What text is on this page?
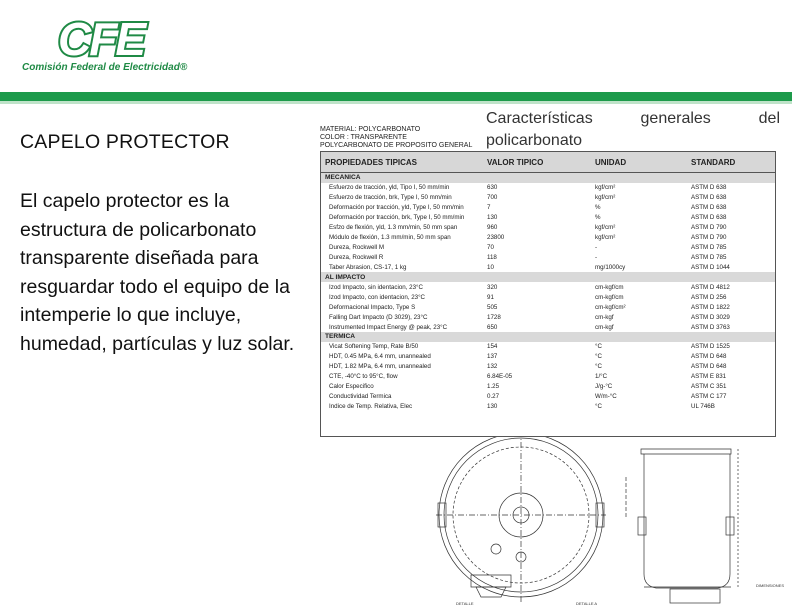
CFE
Comisión Federal de Electricidad®
CAPELO PROTECTOR

El capelo protector es la estructura de policarbonato transparente diseñada para resguardar todo el equipo de la intemperie lo que incluye, humedad, partículas y luz solar.

Características	generales	del
policarbonato
MATERIAL: POLYCARBONATO
COLOR : TRANSPARENTE
POLYCARBONATO DE PROPOSITO GENERAL
PROPIEDADES TIPICAS	VALOR TIPICO	UNIDAD	STANDARD
MECANICA			
Esfuerzo de tracción, yld, Tipo I, 50 mm/min	630	kgf/cm²	ASTM D 638
Esfuerzo de tracción, brk, Type I, 50 mm/min	700	kgf/cm²	ASTM D 638
Deformación por tracción, yld, Type I, 50 mm/min	7	%	ASTM D 638
Deformación por tracción, brk, Type I, 50 mm/min	130	%	ASTM D 638
Esfzo de flexión, yld, 1.3 mm/min, 50 mm span	960	kgf/cm²	ASTM D 790
Módulo de flexión, 1.3 mm/min, 50 mm span	23800	kgf/cm²	ASTM D 790
Dureza, Rockwell M	70	-	ASTM D 785
Dureza, Rockwell R	118	-	ASTM D 785
Taber Abrasion, CS-17, 1 kg	10	mg/1000cy	ASTM D 1044
AL IMPACTO			
Izod Impacto, sin identacion, 23°C	320	cm-kgf/cm	ASTM D 4812
Izod Impacto, con identacion, 23°C	91	cm-kgf/cm	ASTM D 256
Deformacional Impacto, Type S	505	cm-kgf/cm²	ASTM D 1822
Falling Dart Impacto (D 3029), 23°C	1728	cm-kgf	ASTM D 3029
Instrumented Impact Energy @ peak, 23°C	650	cm-kgf	ASTM D 3763
TERMICA			
Vicat Softening Temp, Rate B/50	154	°C	ASTM D 1525
HDT, 0.45 MPa, 6.4 mm, unannealed	137	°C	ASTM D 648
HDT, 1.82 MPa, 6.4 mm, unannealed	132	°C	ASTM D 648
CTE, -40°C to 95°C, flow	6.84E-05	1/°C	ASTM E 831
Calor Especifico	1.25	J/g-°C	ASTM C 351
Conductividad Termica	0.27	W/m-°C	ASTM C 177
Indice de Temp. Relativa, Elec	130	°C	UL 746B
DETALLE	DETALLE A
DIMENSIONES
